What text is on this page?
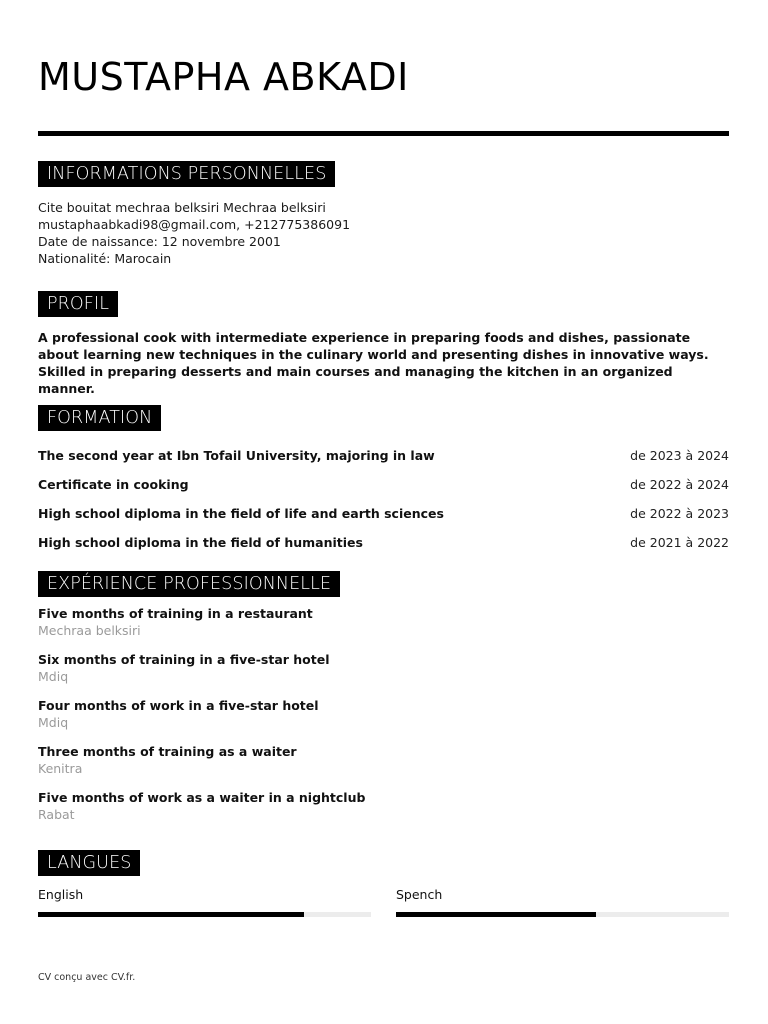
MUSTAPHA ABKADI
INFORMATIONS PERSONNELLES
Cite bouitat mechraa belksiri Mechraa belksiri
mustaphaabkadi98@gmail.com, +212775386091
Date de naissance: 12 novembre 2001
Nationalité: Marocain
PROFIL
A professional cook with intermediate experience in preparing foods and dishes, passionate about learning new techniques in the culinary world and presenting dishes in innovative ways. Skilled in preparing desserts and main courses and managing the kitchen in an organized manner.
FORMATION
The second year at Ibn Tofail University, majoring in law	de 2023 à 2024
Certificate in cooking	de 2022 à 2024
High school diploma in the field of life and earth sciences	de 2022 à 2023
High school diploma in the field of humanities	de 2021 à 2022
EXPÉRIENCE PROFESSIONNELLE
Five months of training in a restaurant
Mechraa belksiri
Six months of training in a five-star hotel
Mdiq
Four months of work in a five-star hotel
Mdiq
Three months of training as a waiter
Kenitra
Five months of work as a waiter in a nightclub
Rabat
LANGUES
English	Spench
CV conçu avec CV.fr.
